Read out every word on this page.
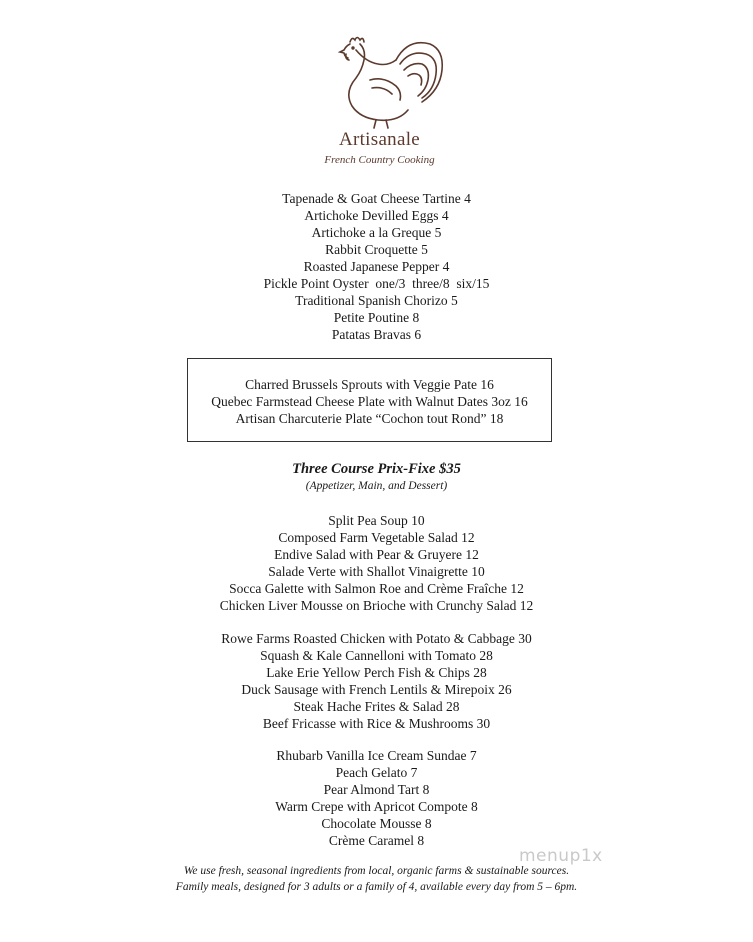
Artisanale
French Country Cooking
Tapenade & Goat Cheese Tartine 4
Artichoke Devilled Eggs 4
Artichoke a la Greque 5
Rabbit Croquette 5
Roasted Japanese Pepper 4
Pickle Point Oyster  one/3  three/8  six/15
Traditional Spanish Chorizo 5
Petite Poutine 8
Patatas Bravas 6
Charred Brussels Sprouts with Veggie Pate 16
Quebec Farmstead Cheese Plate with Walnut Dates 3oz 16
Artisan Charcuterie Plate “Cochon tout Rond” 18
Three Course Prix-Fixe $35
(Appetizer, Main, and Dessert)
Split Pea Soup 10
Composed Farm Vegetable Salad 12
Endive Salad with Pear & Gruyere 12
Salade Verte with Shallot Vinaigrette 10
Socca Galette with Salmon Roe and Crème Fraîche 12
Chicken Liver Mousse on Brioche with Crunchy Salad 12
Rowe Farms Roasted Chicken with Potato & Cabbage 30
Squash & Kale Cannelloni with Tomato 28
Lake Erie Yellow Perch Fish & Chips 28
Duck Sausage with French Lentils & Mirepoix 26
Steak Hache Frites & Salad 28
Beef Fricasse with Rice & Mushrooms 30
Rhubarb Vanilla Ice Cream Sundae 7
Peach Gelato 7
Pear Almond Tart 8
Warm Crepe with Apricot Compote 8
Chocolate Mousse 8
Crème Caramel 8
We use fresh, seasonal ingredients from local, organic farms & sustainable sources.
Family meals, designed for 3 adults or a family of 4, available every day from 5 – 6pm.
menup1x
